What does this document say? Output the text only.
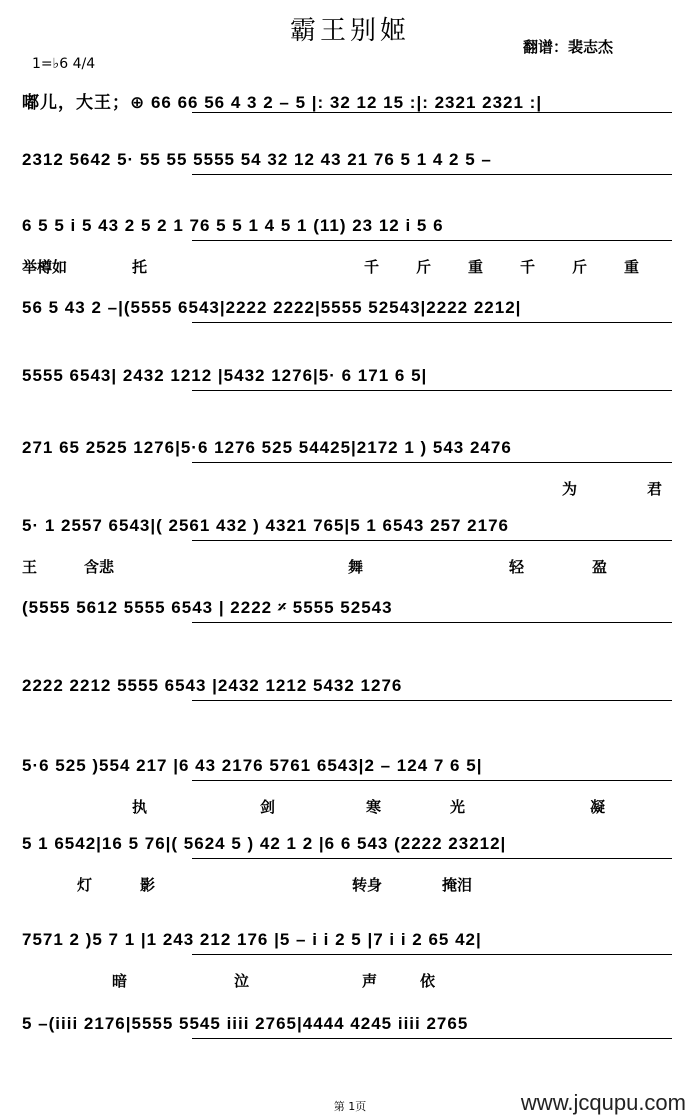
霸王别姬
翻谱：裴志杰
1=♭6 4/4
嘟儿，大王；⊕ 66 66 56 4 3 2 – 5 |: 32 12 15 :|: 2321 2321 :|
2312 5642 5· 55 55 5555 54 32 12 43 21 76 5 1 4 2 5 –
6 5 5 i 5 43 2 5 2 1 76 5 5 1 4 5 1 (11) 23 12 i 5 6
举樽如	托	千 斤 重 千 斤 重
56 5 43 2 –|(5555 6543|2222 2222|5555 52543|2222 2212|
5555 6543| 2432 1212 |5432 1276|5· 6 171 6 5|
271 65 2525 1276|5·6 1276 525 54425|2172 1 ) 543 2476
为	君
5· 1 2557 6543|( 2561 432 ) 4321 765|5 1 6543 257 2176
王	含悲	舞	轻	盈
(5555 5612 5555 6543 | 2222 𝄎 5555 52543
2222 2212 5555 6543 |2432 1212 5432 1276
5·6 525 )554 217 |6 43 2176 5761 6543|2 – 124 7 6 5|
执	剑	寒	光	凝
5 1 6542|16 5 76|( 5624 5 ) 42 1 2 |6 6 543 (2222 23212|
灯	影	转身	掩泪
7571 2 )5 7 1 |1 243 212 176 |5 – i i 2 5 |7 i i 2 65 42|
暗	泣	声	依
5 –(iiii 2176|5555 5545 iiii 2765|4444 4245 iiii 2765
第 1页	www.jcqupu.com
